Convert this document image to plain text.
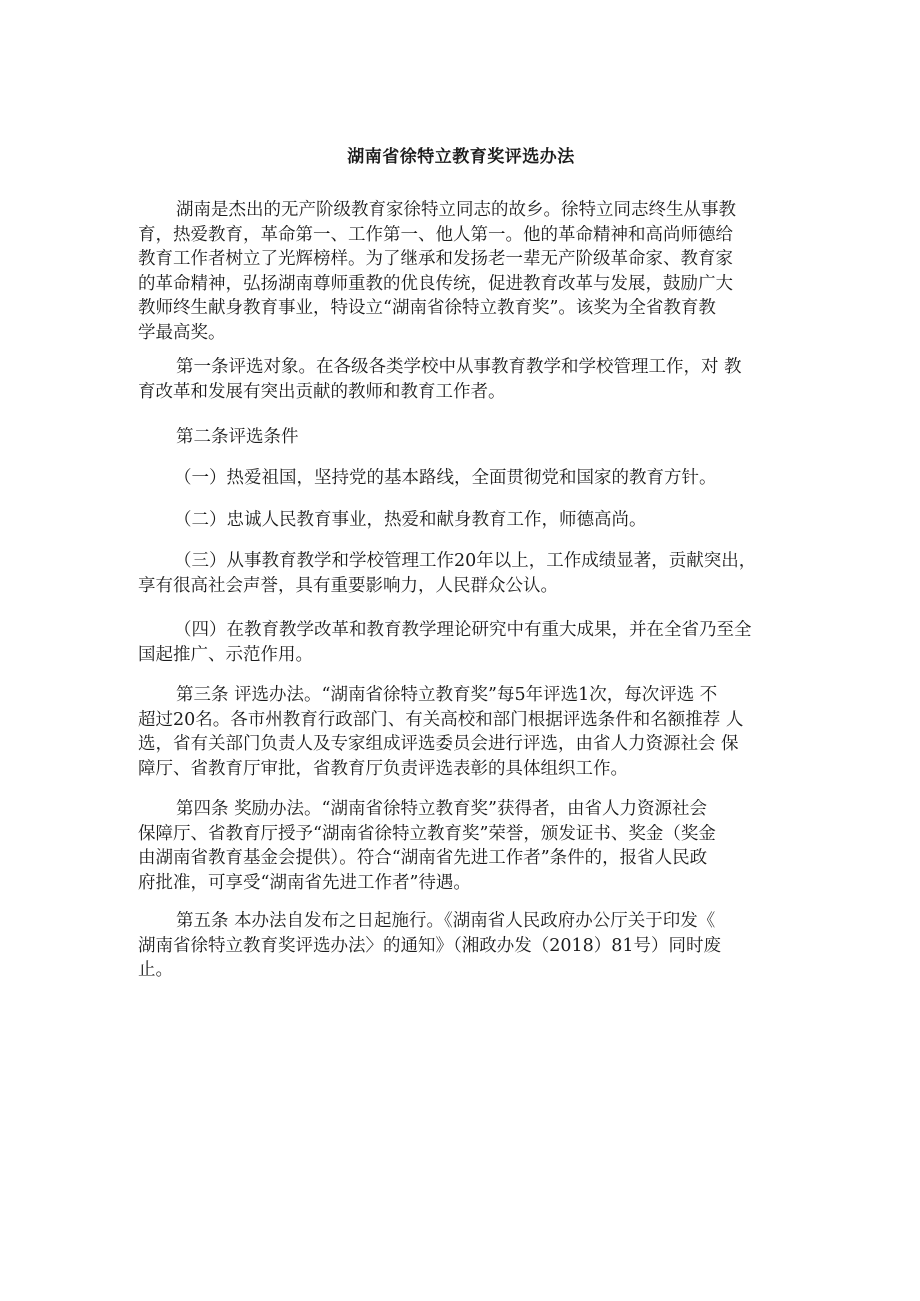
湖南省徐特立教育奖评选办法
湖南是杰出的无产阶级教育家徐特立同志的故乡。徐特立同志终生从事教
育，热爱教育，革命第一、工作第一、他人第一。他的革命精神和高尚师德给
教育工作者树立了光辉榜样。为了继承和发扬老一辈无产阶级革命家、教育家
的革命精神，弘扬湖南尊师重教的优良传统，促进教育改革与发展，鼓励广大
教师终生献身教育事业，特设立“湖南省徐特立教育奖”。该奖为全省教育教
学最高奖。
第一条评选对象。在各级各类学校中从事教育教学和学校管理工作，对 教
育改革和发展有突出贡献的教师和教育工作者。
第二条评选条件
（一）热爱祖国，坚持党的基本路线，全面贯彻党和国家的教育方针。
（二）忠诚人民教育事业，热爱和献身教育工作，师德高尚。
（三）从事教育教学和学校管理工作20年以上，工作成绩显著，贡献突出，
享有很高社会声誉，具有重要影响力，人民群众公认。
（四）在教育教学改革和教育教学理论研究中有重大成果，并在全省乃至全
国起推广、示范作用。
第三条 评选办法。“湖南省徐特立教育奖”每5年评选1次，每次评选 不
超过20名。各市州教育行政部门、有关高校和部门根据评选条件和名额推荐 人
选，省有关部门负责人及专家组成评选委员会进行评选，由省人力资源社会 保
障厅、省教育厅审批，省教育厅负责评选表彰的具体组织工作。
第四条 奖励办法。“湖南省徐特立教育奖”获得者，由省人力资源社会
保障厅、省教育厅授予“湖南省徐特立教育奖”荣誉，颁发证书、奖金（奖金
由湖南省教育基金会提供）。符合“湖南省先进工作者”条件的，报省人民政
府批准，可享受“湖南省先进工作者”待遇。
第五条 本办法自发布之日起施行。《湖南省人民政府办公厅关于印发《
湖南省徐特立教育奖评选办法〉的通知》（湘政办发（2018）81号）同时废
止。
